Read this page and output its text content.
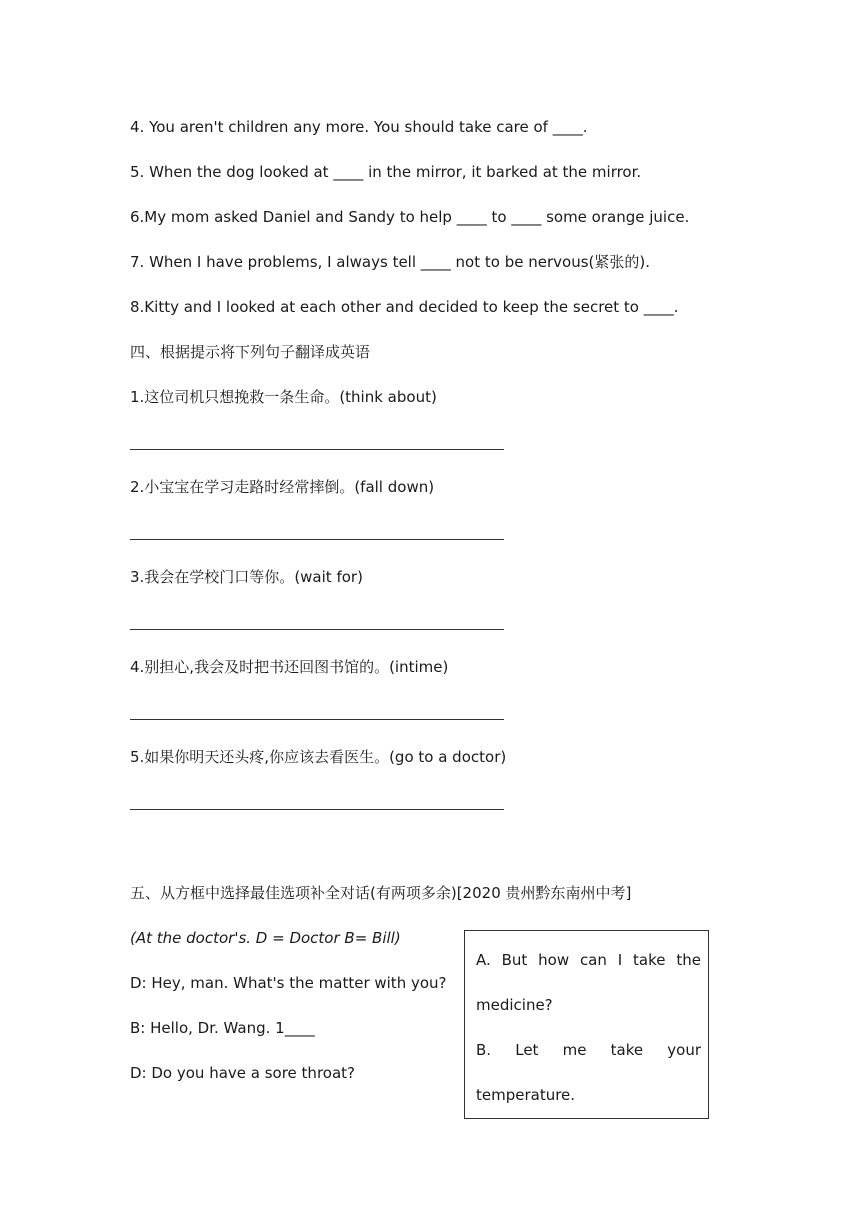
4. You aren't children any more. You should take care of ____.
5. When the dog looked at ____ in the mirror, it barked at the mirror.
6.My mom asked Daniel and Sandy to help ____ to ____ some orange juice.
7. When I have problems, I always tell ____ not to be nervous(紧张的).
8.Kitty and I looked at each other and decided to keep the secret to ____.
四、根据提示将下列句子翻译成英语
1.这位司机只想挽救一条生命。(think about)
2.小宝宝在学习走路时经常摔倒。(fall down)
3.我会在学校门口等你。(wait for)
4.别担心,我会及时把书还回图书馆的。(intime)
5.如果你明天还头疼,你应该去看医生。(go to a doctor)
五、从方框中选择最佳选项补全对话(有两项多余)[2020 贵州黔东南州中考]
(At the doctor's. D = Doctor B= Bill)
D: Hey, man. What's the matter with you?
B: Hello, Dr. Wang. 1____
D: Do you have a sore throat?
A. But how can I take the
medicine?
B. Let me take your
temperature.
